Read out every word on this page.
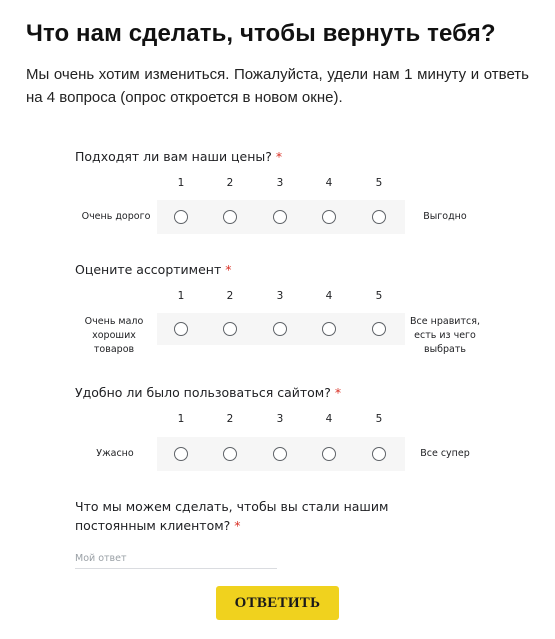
Что нам сделать, чтобы вернуть тебя?

Мы очень хотим измениться. Пожалуйста, удели нам 1 минуту и ответь на 4 вопроса (опрос откроется в новом окне).

Подходят ли вам наши цены? *
1	2	3	4	5
Очень дорого	Выгодно
Оцените ассортимент *
1	2	3	4	5
Очень мало хороших товаров
Все нравится, есть из чего выбрать
Удобно ли было пользоваться сайтом? *
1	2	3	4	5
Ужасно	Все супер
Что мы можем сделать, чтобы вы стали нашим постоянным клиентом? *
Мой ответ
ОТВЕТИТЬ
